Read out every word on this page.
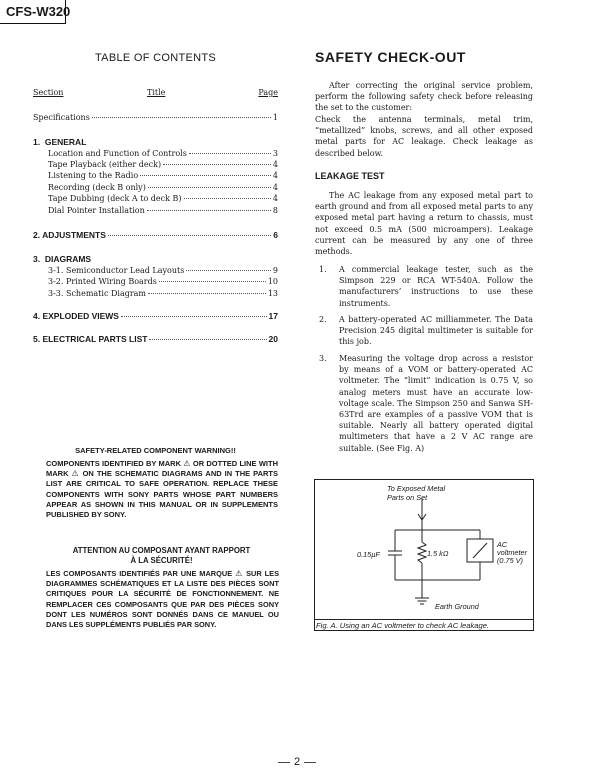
CFS-W320
TABLE OF CONTENTS
Section	Title	Page
Specifications	1
1. GENERAL
Location and Function of Controls	3
Tape Playback (either deck)	4
Listening to the Radio	4
Recording (deck B only)	4
Tape Dubbing (deck A to deck B)	4
Dial Pointer Installation	8
2. ADJUSTMENTS	6
3. DIAGRAMS
3-1. Semiconductor Lead Layouts	9
3-2. Printed Wiring Boards	10
3-3. Schematic Diagram	13
4. EXPLODED VIEWS	17
5. ELECTRICAL PARTS LIST	20
SAFETY-RELATED COMPONENT WARNING!!
COMPONENTS IDENTIFIED BY MARK ⚠ OR DOTTED LINE WITH MARK ⚠ ON THE SCHEMATIC DIAGRAMS AND IN THE PARTS LIST ARE CRITICAL TO SAFE OPERATION. REPLACE THESE COMPONENTS WITH SONY PARTS WHOSE PART NUMBERS APPEAR AS SHOWN IN THIS MANUAL OR IN SUPPLEMENTS PUBLISHED BY SONY.
ATTENTION AU COMPOSANT AYANT RAPPORT
À LA SÉCURITÉ!
LES COMPOSANTS IDENTIFIÉS PAR UNE MARQUE ⚠ SUR LES DIAGRAMMES SCHÉMATIQUES ET LA LISTE DES PIÈCES SONT CRITIQUES POUR LA SÉCURITÉ DE FONCTIONNEMENT. NE REMPLACER CES COMPOSANTS QUE PAR DES PIÈCES SONY DONT LES NUMÉROS SONT DONNÉS DANS CE MANUEL OU DANS LES SUPPLÉMENTS PUBLIÉS PAR SONY.
SAFETY CHECK-OUT
After correcting the original service problem, perform the following safety check before releasing the set to the customer:
Check the antenna terminals, metal trim, “metallized” knobs, screws, and all other exposed metal parts for AC leakage. Check leakage as described below.
LEAKAGE TEST
The AC leakage from any exposed metal part to earth ground and from all exposed metal parts to any exposed metal part having a return to chassis, must not exceed 0.5 mA (500 microampers). Leakage current can be measured by any one of three methods.
1. A commercial leakage tester, such as the Simpson 229 or RCA WT-540A. Follow the manufacturers’ instructions to use these instruments.
2. A battery-operated AC milliammeter. The Data Precision 245 digital multimeter is suitable for this job.
3. Measuring the voltage drop across a resistor by means of a VOM or battery-operated AC voltmeter. The “limit” indication is 0.75 V, so analog meters must have an accurate low-voltage scale. The Simpson 250 and Sanwa SH-63Trd are examples of a passive VOM that is suitable. Nearly all battery operated digital multimeters that have a 2 V AC range are suitable. (See Fig. A)
To Exposed Metal
Parts on Set
0.15µF	1.5 kΩ
AC
voltmeter
(0.75 V)
Earth Ground
Fig. A. Using an AC voltmeter to check AC leakage.
2
